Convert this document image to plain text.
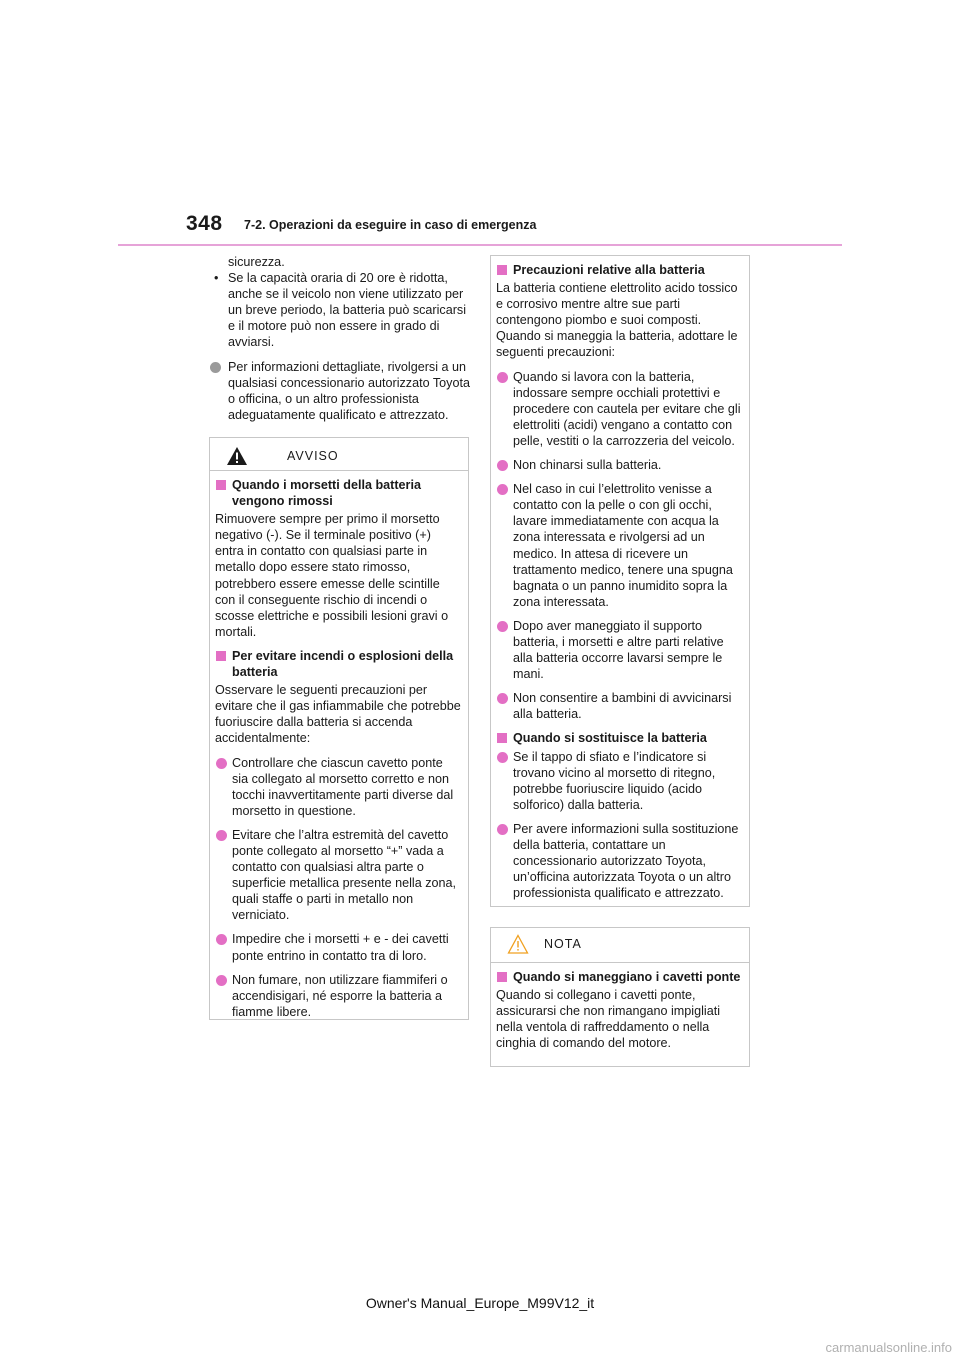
348 7-2. Operazioni da eseguire in caso di emergenza

sicurezza.

• Se la capacità oraria di 20 ore è ridotta, anche se il veicolo non viene utilizzato per un breve periodo, la batteria può scaricarsi e il motore può non essere in grado di avviarsi.

Per informazioni dettagliate, rivolgersi a un qualsiasi concessionario autorizzato Toyota o officina, o un altro professionista adeguatamente qualificato e attrezzato.
AVVISO
Quando i morsetti della batteria vengono rimossi

Rimuovere sempre per primo il morsetto negativo (-). Se il terminale positivo (+) entra in contatto con qualsiasi parte in metallo dopo essere stato rimosso, potrebbero essere emesse delle scintille con il conseguente rischio di incendi o scosse elettriche e possibili lesioni gravi o mortali.

Per evitare incendi o esplosioni della batteria

Osservare le seguenti precauzioni per evitare che il gas infiammabile che potrebbe fuoriuscire dalla batteria si accenda accidentalmente:

Controllare che ciascun cavetto ponte sia collegato al morsetto corretto e non tocchi inavvertitamente parti diverse dal morsetto in questione.
Evitare che l’altra estremità del cavetto ponte collegato al morsetto “+” vada a contatto con qualsiasi altra parte o superficie metallica presente nella zona, quali staffe o parti in metallo non verniciato.
Impedire che i morsetti + e - dei cavetti ponte entrino in contatto tra di loro.
Non fumare, non utilizzare fiammiferi o accendisigari, né esporre la batteria a fiamme libere.
Precauzioni relative alla batteria

La batteria contiene elettrolito acido tossico e corrosivo mentre altre sue parti contengono piombo e suoi composti. Quando si maneggia la batteria, adottare le seguenti precauzioni:

Quando si lavora con la batteria, indossare sempre occhiali protettivi e procedere con cautela per evitare che gli elettroliti (acidi) vengano a contatto con pelle, vestiti o la carrozzeria del veicolo.
Non chinarsi sulla batteria.
Nel caso in cui l’elettrolito venisse a contatto con la pelle o con gli occhi, lavare immediatamente con acqua la zona interessata e rivolgersi ad un medico. In attesa di ricevere un trattamento medico, tenere una spugna bagnata o un panno inumidito sopra la zona interessata.
Dopo aver maneggiato il supporto batteria, i morsetti e altre parti relative alla batteria occorre lavarsi sempre le mani.
Non consentire a bambini di avvicinarsi alla batteria.
Quando si sostituisce la batteria
Se il tappo di sfiato e l’indicatore si trovano vicino al morsetto di ritegno, potrebbe fuoriuscire liquido (acido solforico) dalla batteria.
Per avere informazioni sulla sostituzione della batteria, contattare un concessionario autorizzato Toyota, un’officina autorizzata Toyota o un altro professionista qualificato e attrezzato.
NOTA
Quando si maneggiano i cavetti ponte

Quando si collegano i cavetti ponte, assicurarsi che non rimangano impigliati nella ventola di raffreddamento o nella cinghia di comando del motore.

Owner's Manual_Europe_M99V12_it
carmanualsonline.info
